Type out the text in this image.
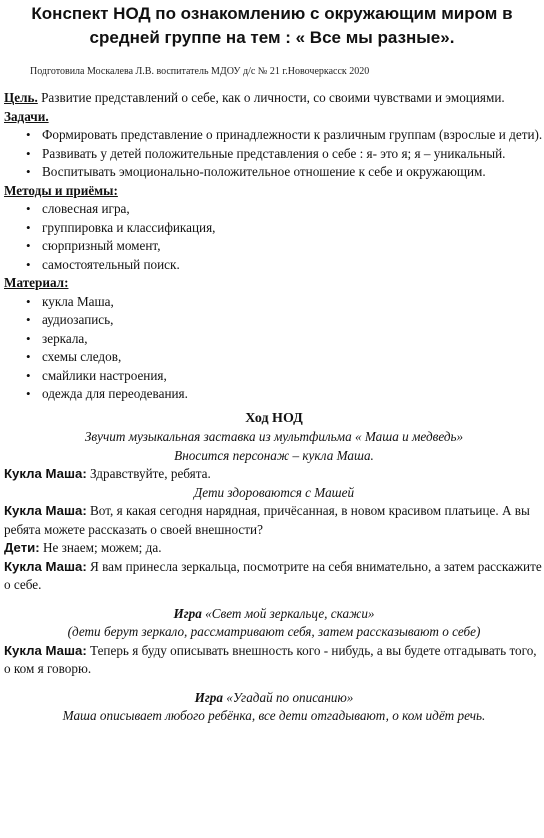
Конспект НОД по ознакомлению с окружающим миром в средней группе на тем : « Все мы разные».
Подготовила Москалева Л.В. воспитатель МДОУ д/с № 21 г.Новочеркасск 2020
Цель. Развитие представлений о себе, как о личности, со своими чувствами и эмоциями.
Задачи.
• Формировать представление о принадлежности к различным группам (взрослые и дети).
• Развивать у детей положительные представления о себе : я- это я; я – уникальный.
• Воспитывать эмоционально-положительное отношение к себе и окружающим.
Методы и приёмы:
• словесная игра,
• группировка и классификация,
• сюрпризный момент,
• самостоятельный поиск.
Материал:
• кукла Маша,
• аудиозапись,
• зеркала,
• схемы следов,
• смайлики настроения,
• одежда для переодевания.
Ход НОД
Звучит музыкальная заставка из мультфильма « Маша и медведь»
Вносится персонаж – кукла Маша.
Кукла Маша: Здравствуйте, ребята.
Дети здороваются с Машей
Кукла Маша: Вот, я какая сегодня нарядная, причёсанная, в новом красивом платьице. А вы ребята можете рассказать о своей внешности?
Дети: Не знаем; можем; да.
Кукла Маша: Я вам принесла зеркальца, посмотрите на себя внимательно, а затем расскажите о себе.
Игра «Свет мой зеркальце, скажи»
(дети берут зеркало, рассматривают себя, затем рассказывают о себе)
Кукла Маша: Теперь я буду описывать внешность кого - нибудь, а вы будете отгадывать того, о ком я говорю.
Игра «Угадай по описанию»
Маша описывает любого ребёнка, все дети отгадывают, о ком идёт речь.
